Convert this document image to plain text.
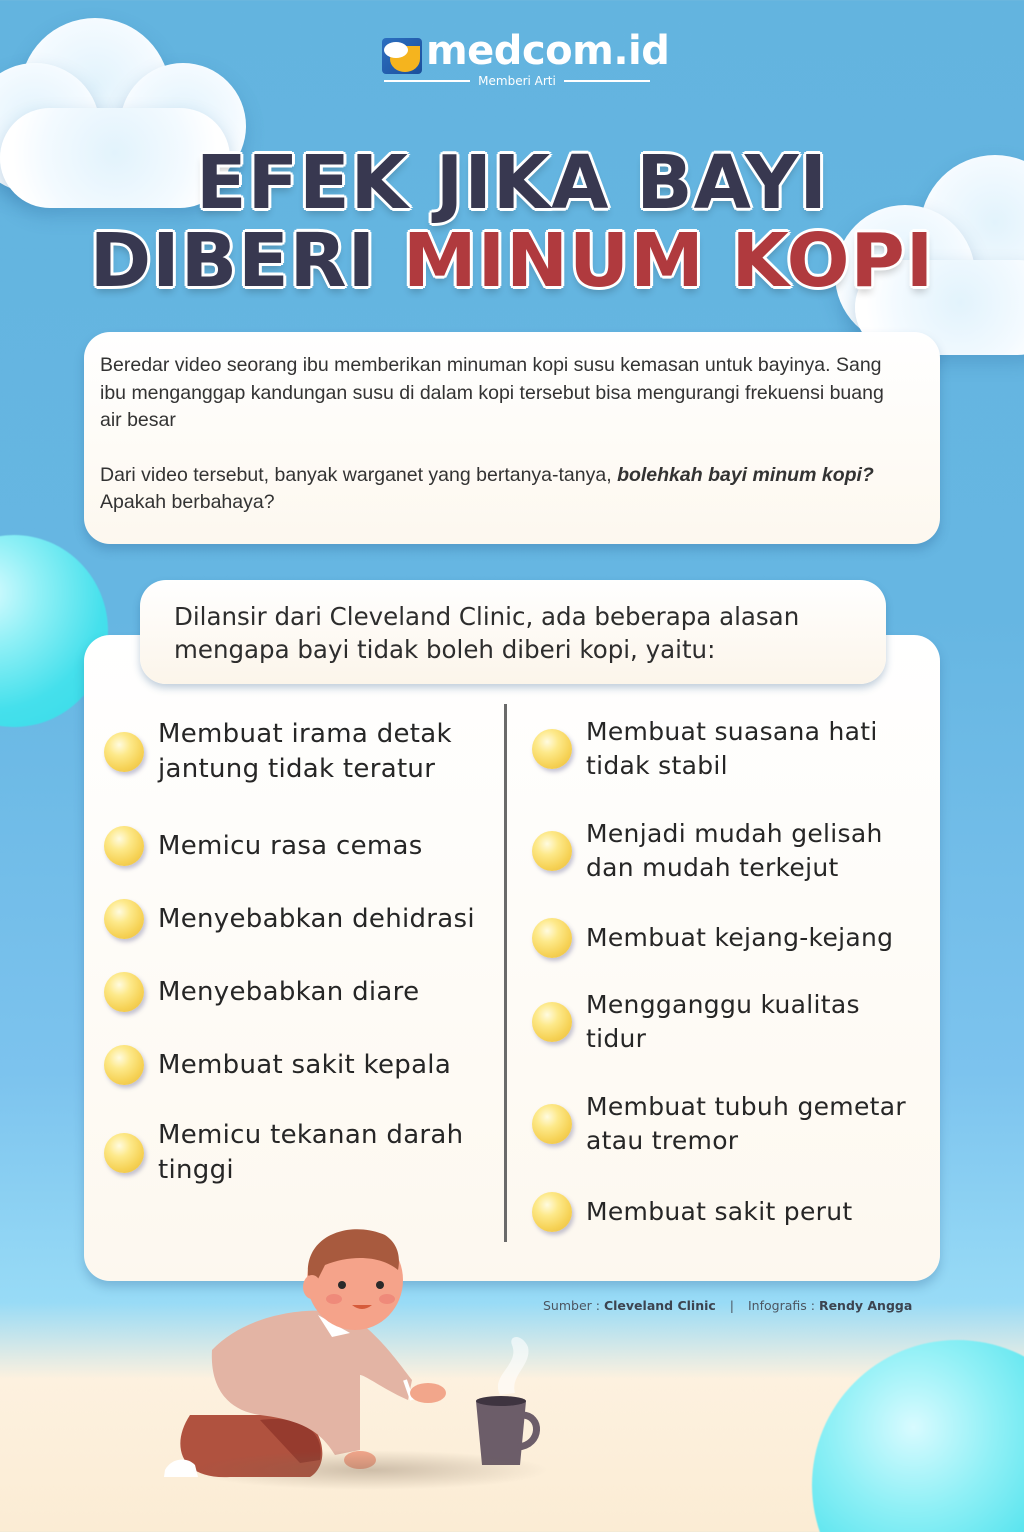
medcom.id
Memberi Arti
EFEK JIKA BAYI
DIBERI MINUM KOPI

Beredar video seorang ibu memberikan minuman kopi susu kemasan untuk bayinya. Sang ibu menganggap kandungan susu di dalam kopi tersebut bisa mengurangi frekuensi buang air besar

Dari video tersebut, banyak warganet yang bertanya-tanya, bolehkah bayi minum kopi? Apakah berbahaya?

Dilansir dari Cleveland Clinic, ada beberapa alasan mengapa bayi tidak boleh diberi kopi, yaitu:
Membuat irama detak jantung tidak teratur
Memicu rasa cemas
Menyebabkan dehidrasi
Menyebabkan diare
Membuat sakit kepala
Memicu tekanan darah tinggi
Membuat suasana hati tidak stabil
Menjadi mudah gelisah dan mudah terkejut
Membuat kejang-kejang
Mengganggu kualitas tidur
Membuat tubuh gemetar atau tremor
Membuat sakit perut
Sumber : Cleveland Clinic | Infografis : Rendy Angga
